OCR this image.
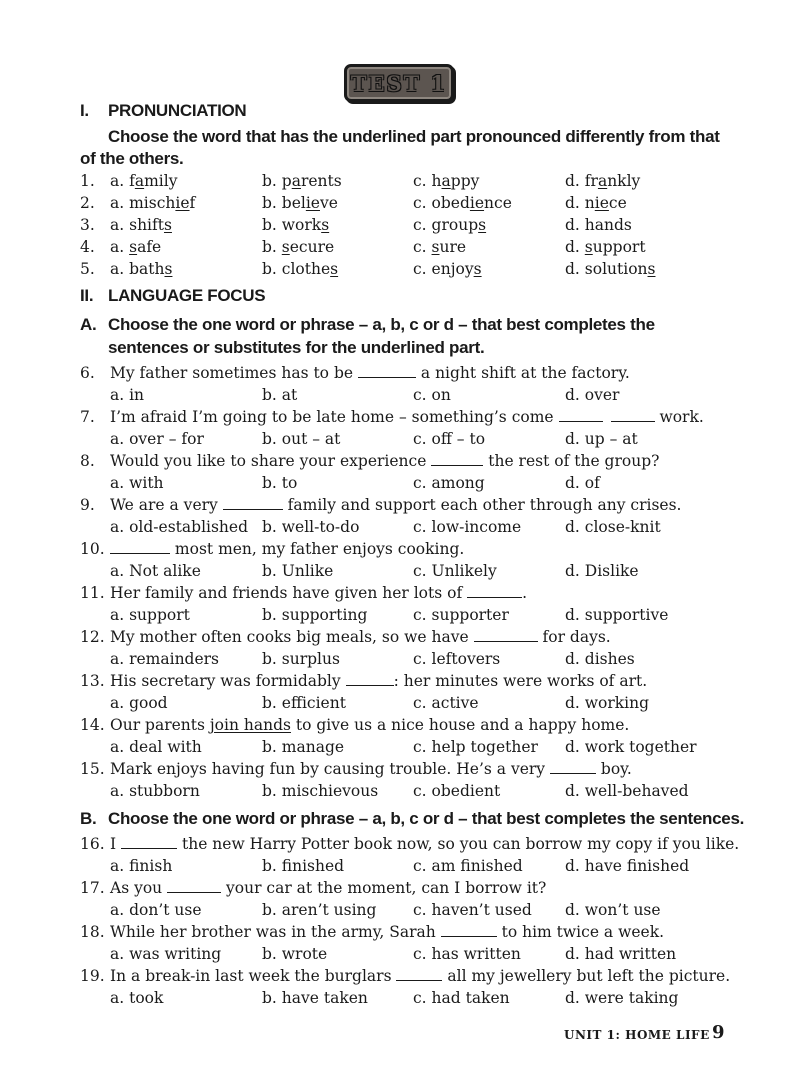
TEST 1
I. PRONUNCIATION
Choose the word that has the underlined part pronounced differently from that
of the others.
1. a. family	b. parents	c. happy	d. frankly
2. a. mischief	b. believe	c. obedience	d. niece
3. a. shifts	b. works	c. groups	d. hands
4. a. safe	b. secure	c. sure	d. support
5. a. baths	b. clothes	c. enjoys	d. solutions
II. LANGUAGE FOCUS
A. Choose the one word or phrase – a, b, c or d – that best completes the
sentences or substitutes for the underlined part.
6. My father sometimes has to be	a night shift at the factory.
a. in	b. at	c. on	d. over
7. I’m afraid I’m going to be late home – something’s come	work.
a. over – for	b. out – at	c. off – to	d. up – at
8. Would you like to share your experience	the rest of the group?
a. with	b. to	c. among	d. of
9. We are a very	family and support each other through any crises.
a. old-established b. well-to-do	c. low-income	d. close-knit
10.	most men, my father enjoys cooking.
a. Not alike	b. Unlike	c. Unlikely	d. Dislike
11. Her family and friends have given her lots of	.
a. support	b. supporting	c. supporter	d. supportive
12. My mother often cooks big meals, so we have	for days.
a. remainders	b. surplus	c. leftovers	d. dishes
13. His secretary was formidably	: her minutes were works of art.
a. good	b. efficient	c. active	d. working
14. Our parents join hands to give us a nice house and a happy home.
a. deal with	b. manage	c. help together d. work together
15. Mark enjoys having fun by causing trouble. He’s a very	boy.
a. stubborn	b. mischievous c. obedient	d. well-behaved
B. Choose the one word or phrase – a, b, c or d – that best completes the sentences.
16. I	the new Harry Potter book now, so you can borrow my copy if you like.
a. finish	b. finished	c. am finished	d. have finished
17. As you	your car at the moment, can I borrow it?
a. don’t use	b. aren’t using c. haven’t used d. won’t use
18. While her brother was in the army, Sarah	to him twice a week.
a. was writing	b. wrote	c. has written	d. had written
19. In a break-in last week the burglars	all my jewellery but left the picture.
a. took	b. have taken	c. had taken	d. were taking
UNIT 1: HOME LIFE 9
